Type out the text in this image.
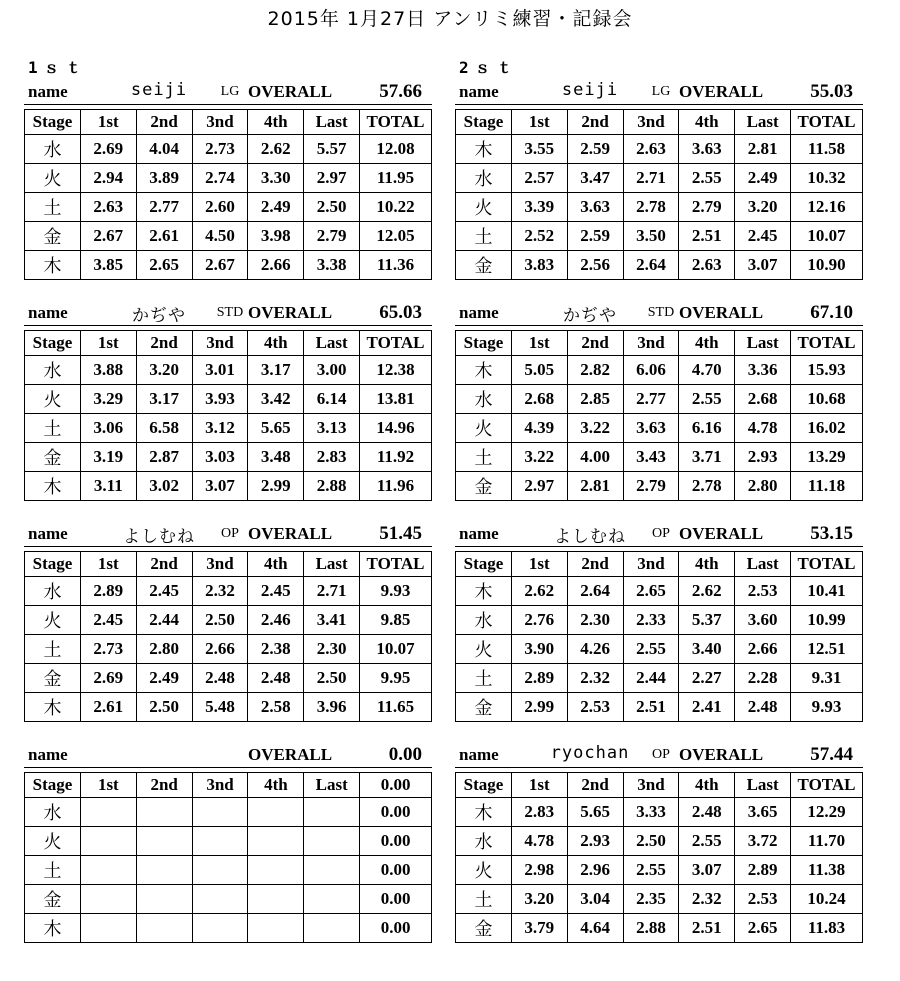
2015年 1月27日 アンリミ練習・記録会
1ｓｔ	2ｓｔ
name	seiji	LG OVERALL 57.66
Stage	1st	2nd	3nd	4th	Last	TOTAL
水	2.69	4.04	2.73	2.62	5.57	12.08
火	2.94	3.89	2.74	3.30	2.97	11.95
土	2.63	2.77	2.60	2.49	2.50	10.22
金	2.67	2.61	4.50	3.98	2.79	12.05
木	3.85	2.65	2.67	2.66	3.38	11.36
name	seiji	LG OVERALL 55.03
Stage	1st	2nd	3nd	4th	Last	TOTAL
木	3.55	2.59	2.63	3.63	2.81	11.58
水	2.57	3.47	2.71	2.55	2.49	10.32
火	3.39	3.63	2.78	2.79	3.20	12.16
土	2.52	2.59	3.50	2.51	2.45	10.07
金	3.83	2.56	2.64	2.63	3.07	10.90
name	かぢや	STD OVERALL 65.03
Stage	1st	2nd	3nd	4th	Last	TOTAL
水	3.88	3.20	3.01	3.17	3.00	12.38
火	3.29	3.17	3.93	3.42	6.14	13.81
土	3.06	6.58	3.12	5.65	3.13	14.96
金	3.19	2.87	3.03	3.48	2.83	11.92
木	3.11	3.02	3.07	2.99	2.88	11.96
name	かぢや	STD OVERALL 67.10
Stage	1st	2nd	3nd	4th	Last	TOTAL
木	5.05	2.82	6.06	4.70	3.36	15.93
水	2.68	2.85	2.77	2.55	2.68	10.68
火	4.39	3.22	3.63	6.16	4.78	16.02
土	3.22	4.00	3.43	3.71	2.93	13.29
金	2.97	2.81	2.79	2.78	2.80	11.18
name	よしむね	OP OVERALL 51.45
Stage	1st	2nd	3nd	4th	Last	TOTAL
水	2.89	2.45	2.32	2.45	2.71	9.93
火	2.45	2.44	2.50	2.46	3.41	9.85
土	2.73	2.80	2.66	2.38	2.30	10.07
金	2.69	2.49	2.48	2.48	2.50	9.95
木	2.61	2.50	5.48	2.58	3.96	11.65
name	よしむね	OP OVERALL 53.15
Stage	1st	2nd	3nd	4th	Last	TOTAL
木	2.62	2.64	2.65	2.62	2.53	10.41
水	2.76	2.30	2.33	5.37	3.60	10.99
火	3.90	4.26	2.55	3.40	2.66	12.51
土	2.89	2.32	2.44	2.27	2.28	9.31
金	2.99	2.53	2.51	2.41	2.48	9.93
name	OVERALL	0.00
Stage	1st	2nd	3nd	4th	Last	0.00
水						0.00
火						0.00
土						0.00
金						0.00
木						0.00
name	ryochan	OP OVERALL 57.44
Stage	1st	2nd	3nd	4th	Last	TOTAL
木	2.83	5.65	3.33	2.48	3.65	12.29
水	4.78	2.93	2.50	2.55	3.72	11.70
火	2.98	2.96	2.55	3.07	2.89	11.38
土	3.20	3.04	2.35	2.32	2.53	10.24
金	3.79	4.64	2.88	2.51	2.65	11.83
